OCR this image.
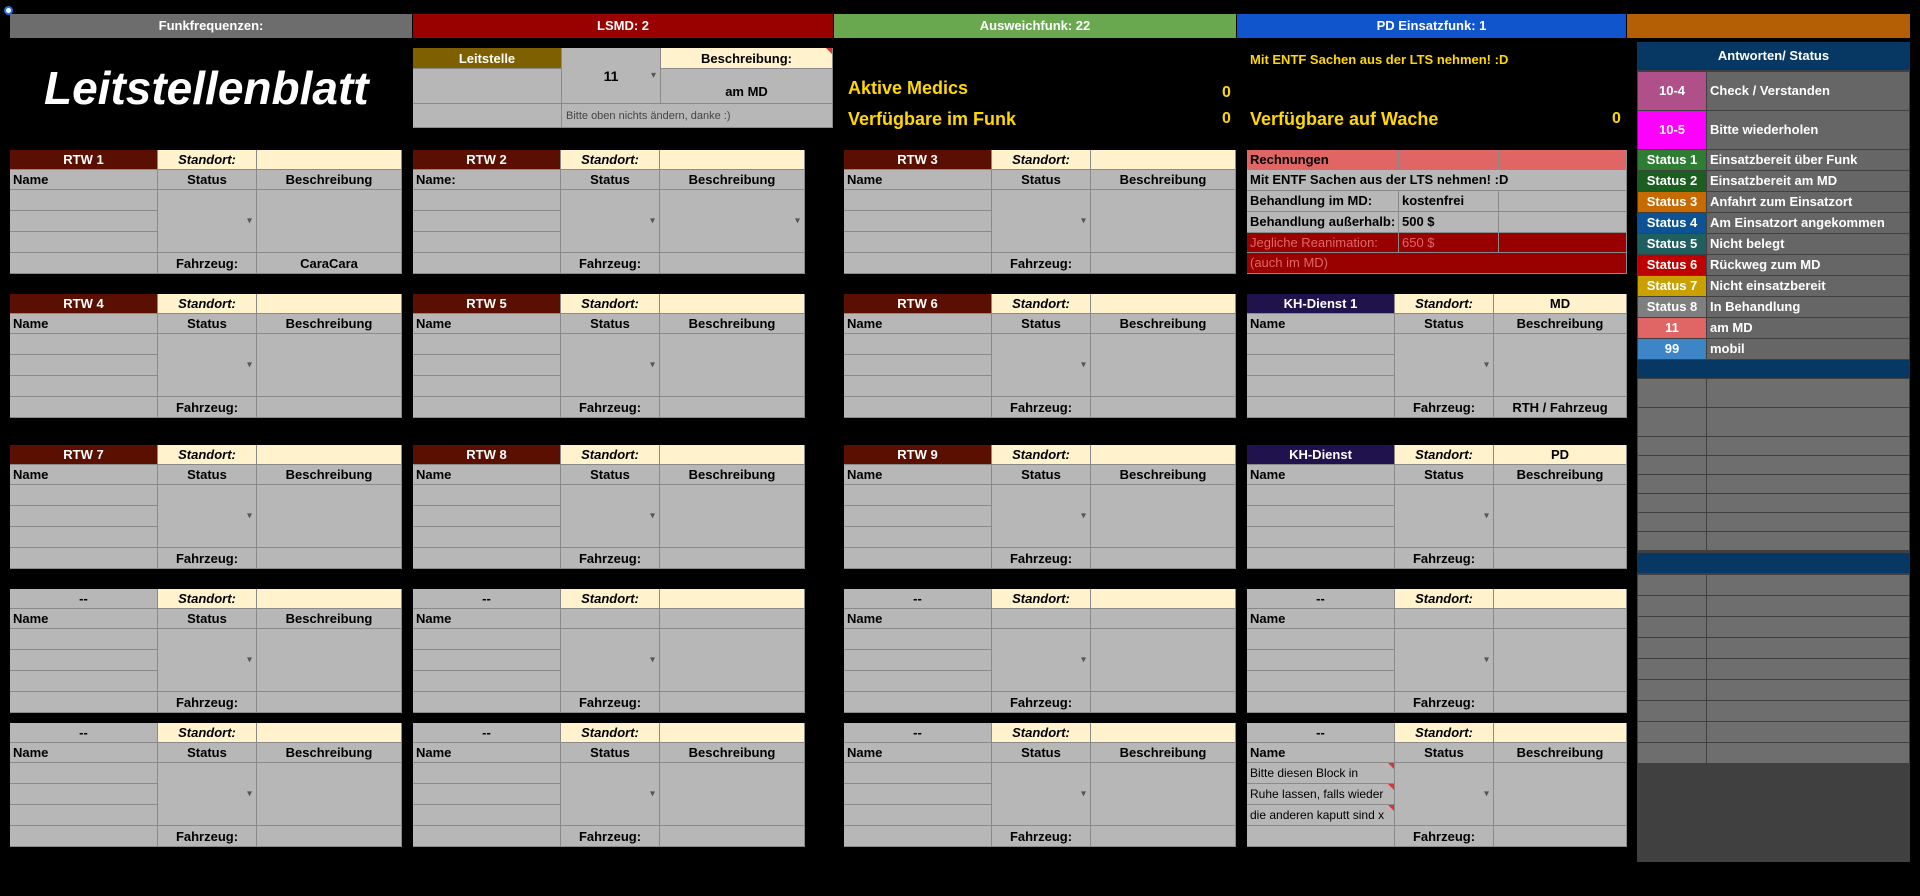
Funkfrequenzen:	LSMD: 2	Ausweichfunk: 22	PD Einsatzfunk: 1
Leitstellenblatt
Leitstelle
11 ▾
Beschreibung:
am MD
Bitte oben nichts ändern, danke :)
Aktive Medics	0
Verfügbare im Funk	0
Mit ENTF Sachen aus der LTS nehmen! :D
Verfügbare auf Wache	0
Antworten/ Status
10-4	Check / Verstanden
10-5	Bitte wiederholen
Status 1 Einsatzbereit über Funk
Status 2 Einsatzbereit am MD
Status 3 Anfahrt zum Einsatzort
Status 4 Am Einsatzort angekommen
Status 5 Nicht belegt
Status 6 Rückweg zum MD
Status 7 Nicht einsatzbereit
Status 8 In Behandlung
11	am MD
99	mobil
RTW 1	Standort:
Name	Status	Beschreibung
▾
Fahrzeug:	CaraCara
RTW 2	Standort:
Name:	Status	Beschreibung
▾
▾
Fahrzeug:
RTW 3	Standort:
Name	Status	Beschreibung
▾
Fahrzeug:
Rechnungen
Mit ENTF Sachen aus der LTS nehmen! :D
Behandlung im MD:	kostenfrei
Behandlung außerhalb: 500 $
Jegliche Reanimation:	650 $
(auch im MD)
RTW 4	Standort:
Name	Status	Beschreibung
▾
Fahrzeug:
RTW 5	Standort:
Name	Status	Beschreibung
▾
Fahrzeug:
RTW 6	Standort:
Name	Status	Beschreibung
▾
Fahrzeug:
KH-Dienst 1	Standort:	MD
Name	Status	Beschreibung
▾
Fahrzeug:	RTH / Fahrzeug
RTW 7	Standort:
Name	Status	Beschreibung
▾
Fahrzeug:
RTW 8	Standort:
Name	Status	Beschreibung
▾
Fahrzeug:
RTW 9	Standort:
Name	Status	Beschreibung
▾
Fahrzeug:
KH-Dienst	Standort:	PD
Name	Status	Beschreibung
▾
Fahrzeug:
--	Standort:
Name	Status	Beschreibung
▾
Fahrzeug:
--	Standort:
Name
▾
Fahrzeug:
--	Standort:
Name
▾
Fahrzeug:
--	Standort:
Name
▾
Fahrzeug:
--	Standort:
Name	Status	Beschreibung
▾
Fahrzeug:
--	Standort:
Name	Status	Beschreibung
▾
Fahrzeug:
--	Standort:
Name	Status	Beschreibung
▾
Fahrzeug:
--	Standort:
Name	Status	Beschreibung
Bitte diesen Block in
Ruhe lassen, falls wieder
die anderen kaputt sind x
▾
Fahrzeug:
